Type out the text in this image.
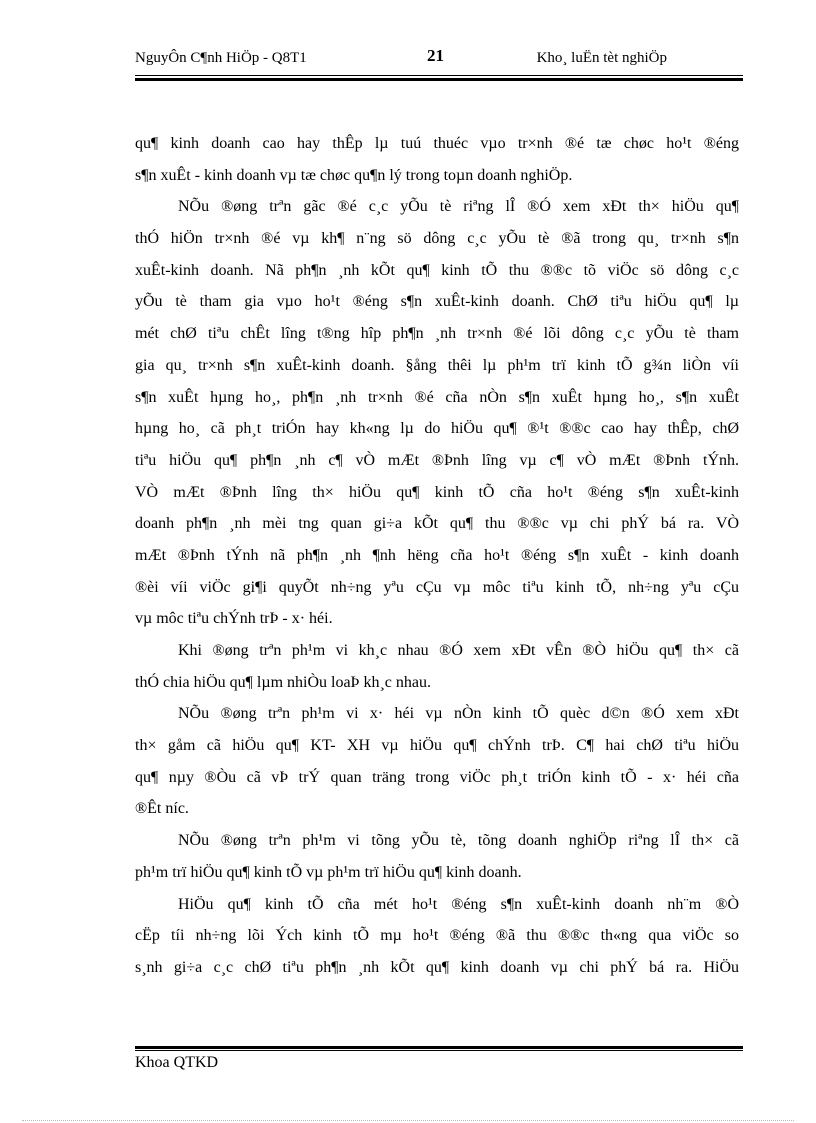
NguyÔn C¶nh HiÖp - Q8T1	21	Kho¸ luËn tèt nghiÖp
qu¶ kinh doanh cao hay thÊp lµ tuú thuéc vµo tr×nh ®é tæ chøc ho¹t ®éng
s¶n xuÊt - kinh doanh vµ tæ chøc qu¶n lý trong toµn doanh nghiÖp.
NÕu ®øng trªn gãc ®é c¸c yÕu tè riªng lÎ ®Ó xem xÐt th× hiÖu qu¶
thÓ hiÖn tr×nh ®é vµ kh¶ n¨ng sö dông c¸c yÕu tè ®ã trong qu¸ tr×nh s¶n
xuÊt-kinh doanh. Nã ph¶n ¸nh kÕt qu¶ kinh tÕ thu ®®c tõ viÖc sö dông c¸c
yÕu tè tham gia vµo ho¹t ®éng s¶n xuÊt-kinh doanh. ChØ tiªu hiÖu qu¶ lµ
mét chØ tiªu chÊt lîng t®ng hîp ph¶n ¸nh tr×nh ®é lõi dông c¸c yÕu tè tham
gia qu¸ tr×nh s¶n xuÊt-kinh doanh. §ång thêi lµ ph¹m trï kinh tÕ g¾n liÒn víi
s¶n xuÊt hµng ho¸, ph¶n ¸nh tr×nh ®é cña nÒn s¶n xuÊt hµng ho¸, s¶n xuÊt
hµng ho¸ cã ph¸t triÓn hay kh«ng lµ do hiÖu qu¶ ®¹t ®®c cao hay thÊp, chØ
tiªu hiÖu qu¶ ph¶n ¸nh c¶ vÒ mÆt ®Þnh lîng vµ c¶ vÒ mÆt ®Þnh tÝnh.
VÒ mÆt ®Þnh lîng th× hiÖu qu¶ kinh tÕ cña ho¹t ®éng s¶n xuÊt-kinh
doanh ph¶n ¸nh mèi tng quan gi÷a kÕt qu¶ thu ®®c vµ chi phÝ bá ra. VÒ
mÆt ®Þnh tÝnh nã ph¶n ¸nh ¶nh hëng cña ho¹t ®éng s¶n xuÊt - kinh doanh
®èi víi viÖc gi¶i quyÕt nh÷ng yªu cÇu vµ môc tiªu kinh tÕ, nh÷ng yªu cÇu
vµ môc tiªu chÝnh trÞ - x· héi.
Khi ®øng trªn ph¹m vi kh¸c nhau ®Ó xem xÐt vÊn ®Ò hiÖu qu¶ th× cã
thÓ chia hiÖu qu¶ lµm nhiÒu loaÞ kh¸c nhau.
NÕu ®øng trªn ph¹m vi x· héi vµ nÒn kinh tÕ quèc d©n ®Ó xem xÐt
th× gåm cã hiÖu qu¶ KT- XH vµ hiÖu qu¶ chÝnh trÞ. C¶ hai chØ tiªu hiÖu
qu¶ nµy ®Òu cã vÞ trÝ quan träng trong viÖc ph¸t triÓn kinh tÕ - x· héi cña
®Êt níc.
NÕu ®øng trªn ph¹m vi tõng yÕu tè, tõng doanh nghiÖp riªng lÎ th× cã
ph¹m trï hiÖu qu¶ kinh tÕ vµ ph¹m trï hiÖu qu¶ kinh doanh.
HiÖu qu¶ kinh tÕ cña mét ho¹t ®éng s¶n xuÊt-kinh doanh nh¨m ®Ò
cËp tíi nh÷ng lõi Ých kinh tÕ mµ ho¹t ®éng ®ã thu ®®c th«ng qua viÖc so
s¸nh gi÷a c¸c chØ tiªu ph¶n ¸nh kÕt qu¶ kinh doanh vµ chi phÝ bá ra. HiÖu
Khoa QTKD
